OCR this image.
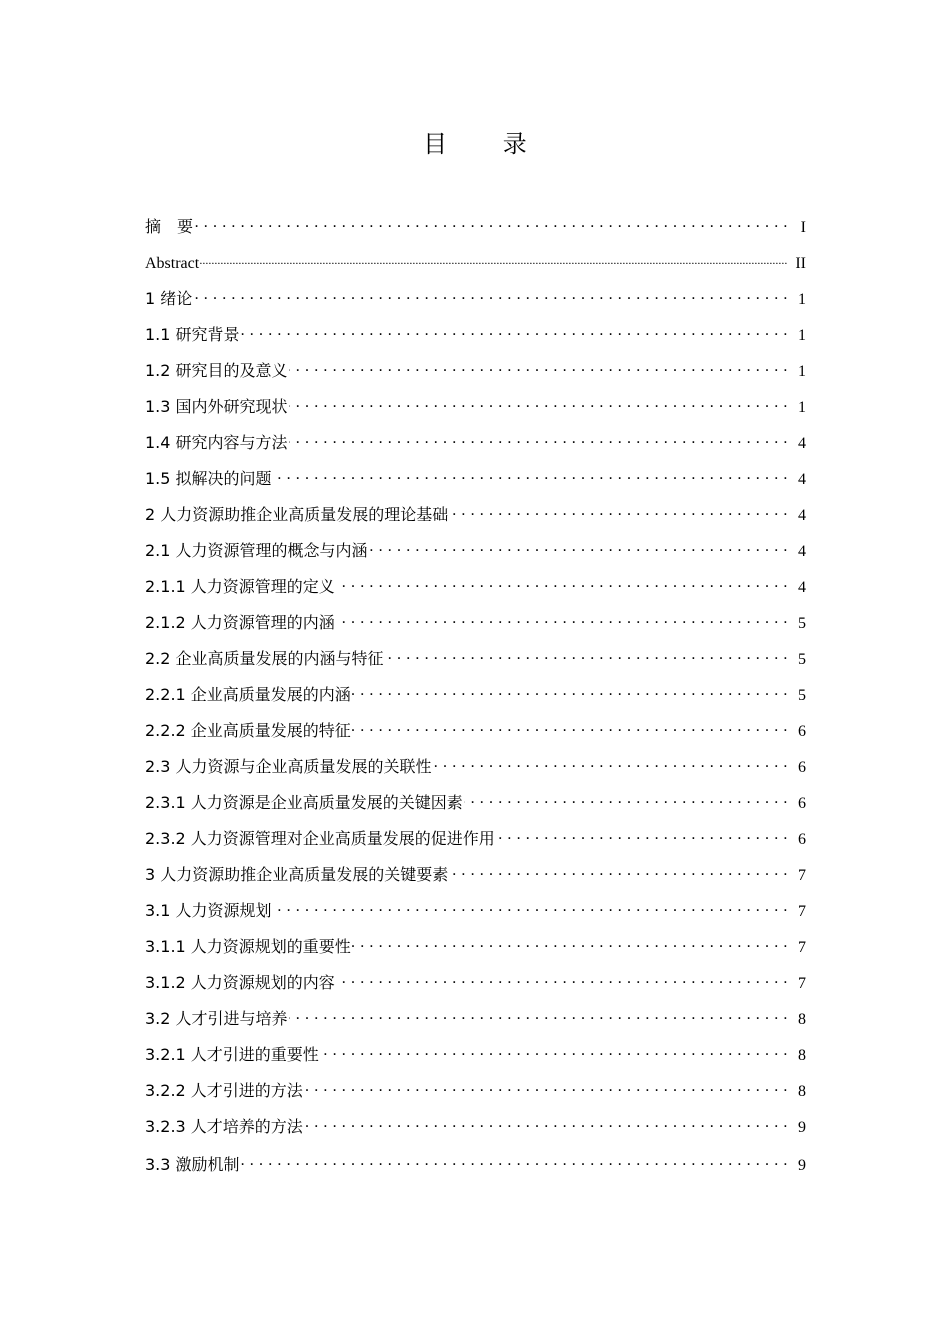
目 录
摘　要 . . .	I
Abstract .....	II
1 绪论 . . .	1
1.1 研究背景 . . .	1
1.2 研究目的及意义 . . .	1
1.3 国内外研究现状 . . .	1
1.4 研究内容与方法 . . .	4
1.5 拟解决的问题 . . .	4
2 人力资源助推企业高质量发展的理论基础 . . .	4
2.1 人力资源管理的概念与内涵 . . .	4
2.1.1 人力资源管理的定义 . . .	4
2.1.2 人力资源管理的内涵 . . .	5
2.2 企业高质量发展的内涵与特征 . . .	5
2.2.1 企业高质量发展的内涵 . . .	5
2.2.2 企业高质量发展的特征 . . .	6
2.3 人力资源与企业高质量发展的关联性 . . .	6
2.3.1 人力资源是企业高质量发展的关键因素 . . .	6
2.3.2 人力资源管理对企业高质量发展的促进作用 . . .	6
3 人力资源助推企业高质量发展的关键要素 . . .	7
3.1 人力资源规划 . . .	7
3.1.1 人力资源规划的重要性 . . .	7
3.1.2 人力资源规划的内容 . . .	7
3.2 人才引进与培养 . . .	8
3.2.1 人才引进的重要性 . . .	8
3.2.2 人才引进的方法 . . .	8
3.2.3 人才培养的方法 . . .	9
3.3 激励机制 . . .	9
